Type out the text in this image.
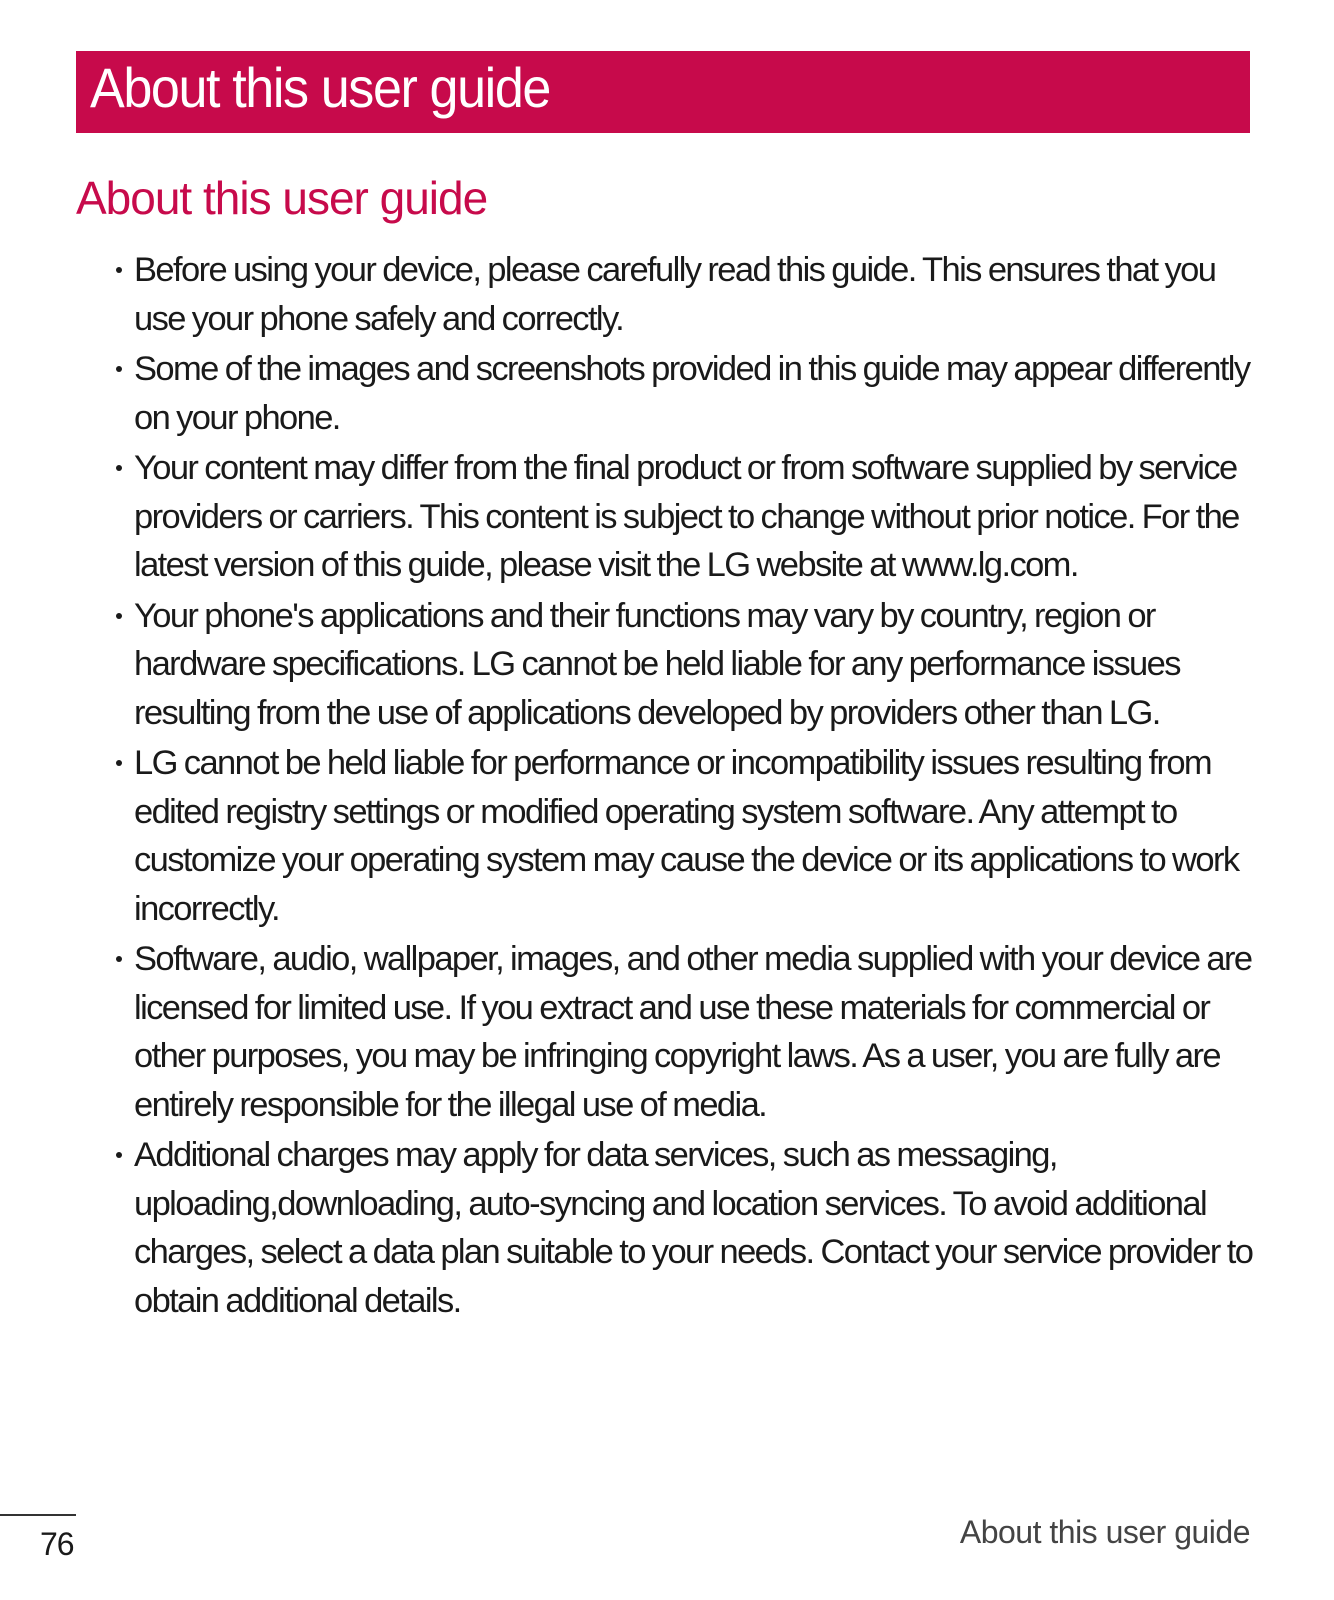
About this user guide
About this user guide
Before using your device, please carefully read this guide. This ensures that you use your phone safely and correctly.
Some of the images and screenshots provided in this guide may appear differently on your phone.
Your content may differ from the final product or from software supplied by service providers or carriers. This content is subject to change without prior notice. For the latest version of this guide, please visit the LG website at www.lg.com.
Your phone's applications and their functions may vary by country, region or hardware specifications. LG cannot be held liable for any performance issues resulting from the use of applications developed by providers other than LG.
LG cannot be held liable for performance or incompatibility issues resulting from edited registry settings or modified operating system software. Any attempt to customize your operating system may cause the device or its applications to work incorrectly.
Software, audio, wallpaper, images, and other media supplied with your device are licensed for limited use. If you extract and use these materials for commercial or other purposes, you may be infringing copyright laws. As a user, you are fully are entirely responsible for the illegal use of media.
Additional charges may apply for data services, such as messaging, uploading,downloading, auto-syncing and location services. To avoid additional charges, select a data plan suitable to your needs. Contact your service provider to obtain additional details.
76	About this user guide
